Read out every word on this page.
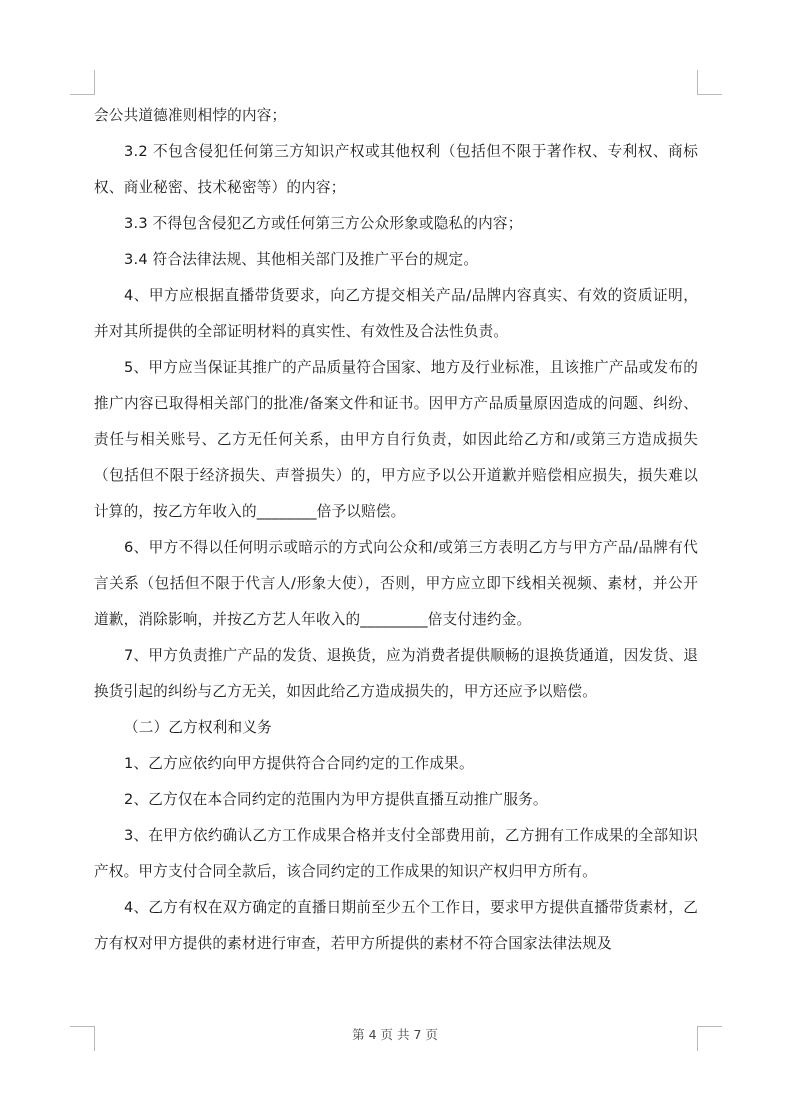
会公共道德准则相悖的内容；

3.2 不包含侵犯任何第三方知识产权或其他权利（包括但不限于著作权、专利权、商标权、商业秘密、技术秘密等）的内容；

3.3 不得包含侵犯乙方或任何第三方公众形象或隐私的内容；

3.4 符合法律法规、其他相关部门及推广平台的规定。

4、甲方应根据直播带货要求，向乙方提交相关产品/品牌内容真实、有效的资质证明，并对其所提供的全部证明材料的真实性、有效性及合法性负责。

5、甲方应当保证其推广的产品质量符合国家、地方及行业标准，且该推广产品或发布的推广内容已取得相关部门的批准/备案文件和证书。因甲方产品质量原因造成的问题、纠纷、责任与相关账号、乙方无任何关系，由甲方自行负责，如因此给乙方和/或第三方造成损失（包括但不限于经济损失、声誉损失）的，甲方应予以公开道歉并赔偿相应损失，损失难以计算的，按乙方年收入的________倍予以赔偿。

6、甲方不得以任何明示或暗示的方式向公众和/或第三方表明乙方与甲方产品/品牌有代言关系（包括但不限于代言人/形象大使），否则，甲方应立即下线相关视频、素材，并公开道歉，消除影响，并按乙方艺人年收入的_________倍支付违约金。

7、甲方负责推广产品的发货、退换货，应为消费者提供顺畅的退换货通道，因发货、退换货引起的纠纷与乙方无关，如因此给乙方造成损失的，甲方还应予以赔偿。

（二）乙方权利和义务

1、乙方应依约向甲方提供符合合同约定的工作成果。

2、乙方仅在本合同约定的范围内为甲方提供直播互动推广服务。

3、在甲方依约确认乙方工作成果合格并支付全部费用前，乙方拥有工作成果的全部知识产权。甲方支付合同全款后，该合同约定的工作成果的知识产权归甲方所有。

4、乙方有权在双方确定的直播日期前至少五个工作日，要求甲方提供直播带货素材，乙方有权对甲方提供的素材进行审查，若甲方所提供的素材不符合国家法律法规及

第 4 页 共 7 页
